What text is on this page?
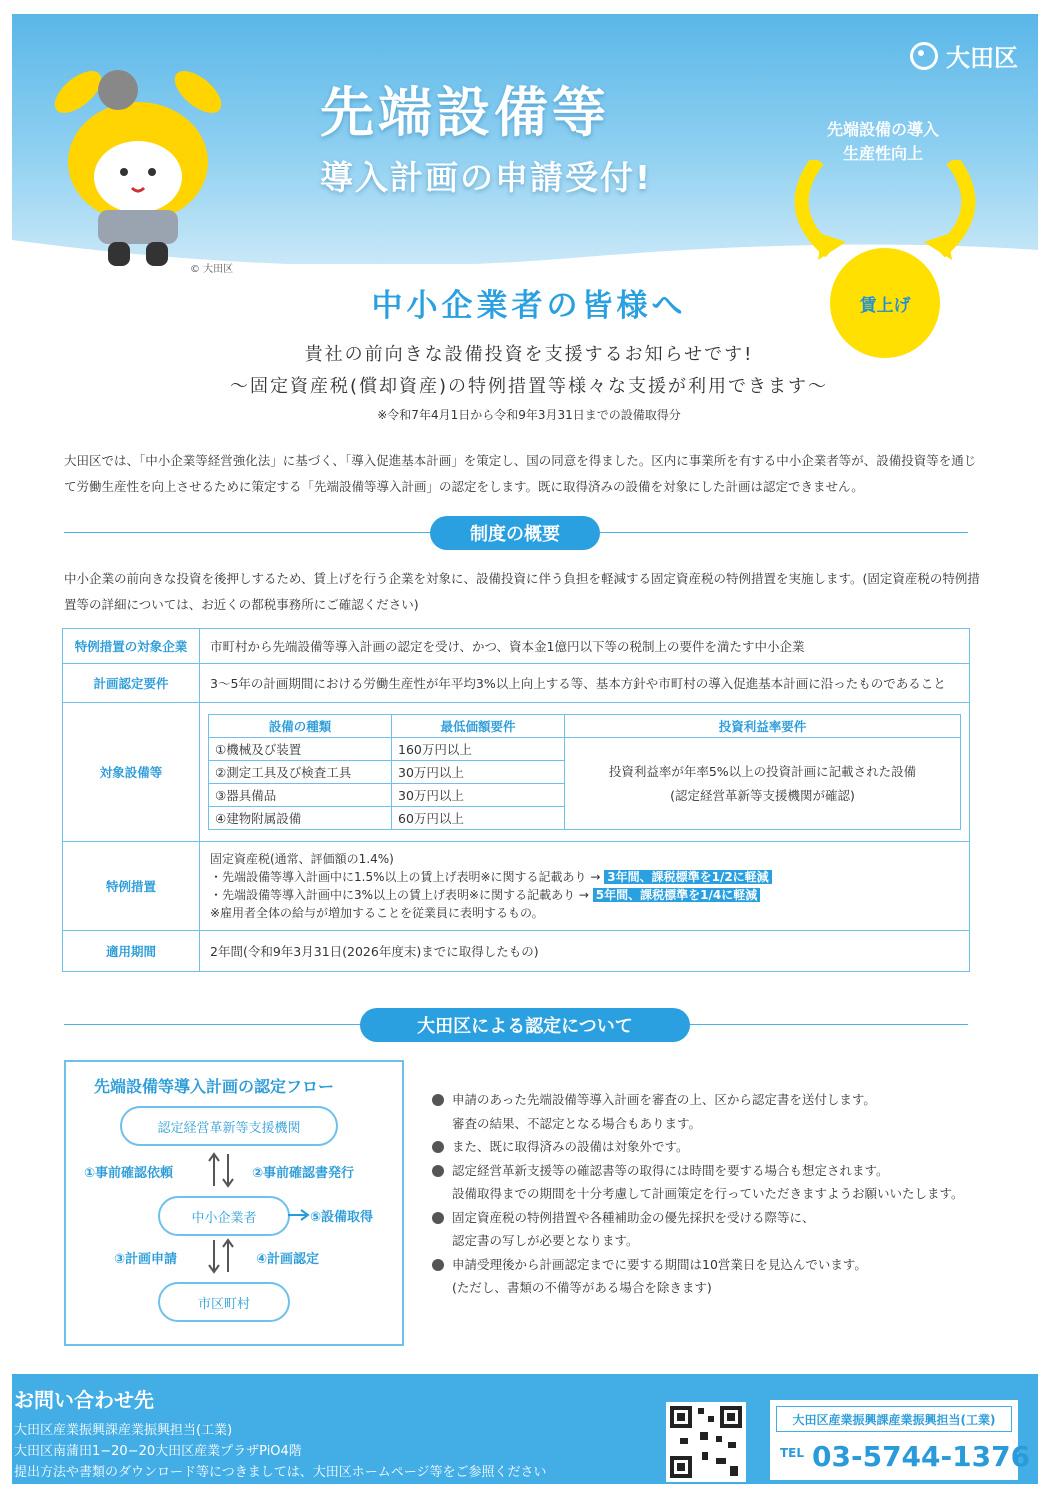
大田区
© 大田区
先端設備等
導入計画の申請受付!
先端設備の導入
生産性向上
賃上げ
中小企業者の皆様へ
貴社の前向きな設備投資を支援するお知らせです!
〜固定資産税(償却資産)の特例措置等様々な支援が利用できます〜
※令和7年4月1日から令和9年3月31日までの設備取得分
大田区では、「中小企業等経営強化法」に基づく、「導入促進基本計画」を策定し、国の同意を得ました。区内に事業所を有する中小企業者等が、設備投資等を通じて労働生産性を向上させるために策定する「先端設備等導入計画」の認定をします。既に取得済みの設備を対象にした計画は認定できません。
制度の概要
中小企業の前向きな投資を後押しするため、賃上げを行う企業を対象に、設備投資に伴う負担を軽減する固定資産税の特例措置を実施します。(固定資産税の特例措置等の詳細については、お近くの都税事務所にご確認ください)
特例措置の対象企業	市町村から先端設備等導入計画の認定を受け、かつ、資本金1億円以下等の税制上の要件を満たす中小企業
計画認定要件	3〜5年の計画期間における労働生産性が年平均3%以上向上する等、基本方針や市町村の導入促進基本計画に沿ったものであること
対象設備等
設備の種類	最低価額要件	投資利益率要件
①機械及び装置	160万円以上	投資利益率が年率5%以上の投資計画に記載された設備
(認定経営革新等支援機関が確認)

②測定工具及び検査工具	30万円以上	
③器具備品	30万円以上	
④建物附属設備	60万円以上	
特例措置
固定資産税(通常、評価額の1.4%)
・先端設備等導入計画中に1.5%以上の賃上げ表明※に関する記載あり → 3年間、課税標準を1/2に軽減
・先端設備等導入計画中に3%以上の賃上げ表明※に関する記載あり → 5年間、課税標準を1/4に軽減
※雇用者全体の給与が増加することを従業員に表明するもの。
適用期間	2年間(令和9年3月31日(2026年度末)までに取得したもの)
大田区による認定について
先端設備等導入計画の認定フロー
認定経営革新等支援機関
①事前確認依頼	②事前確認書発行
中小企業者	⑤設備取得
③計画申請	④計画認定
市区町村
申請のあった先端設備等導入計画を審査の上、区から認定書を送付します。
審査の結果、不認定となる場合もあります。
また、既に取得済みの設備は対象外です。
認定経営革新支援等の確認書等の取得には時間を要する場合も想定されます。
設備取得までの期間を十分考慮して計画策定を行っていただきますようお願いいたします。
固定資産税の特例措置や各種補助金の優先採択を受ける際等に、
認定書の写しが必要となります。
申請受理後から計画認定までに要する期間は10営業日を見込んでいます。
(ただし、書類の不備等がある場合を除きます)
お問い合わせ先
大田区産業振興課産業振興担当(工業)
大田区南蒲田1−20−20大田区産業プラザPiO4階
提出方法や書類のダウンロード等につきましては、大田区ホームページ等をご参照ください
大田区産業振興課産業振興担当(工業)
TEL 03-5744-1376
